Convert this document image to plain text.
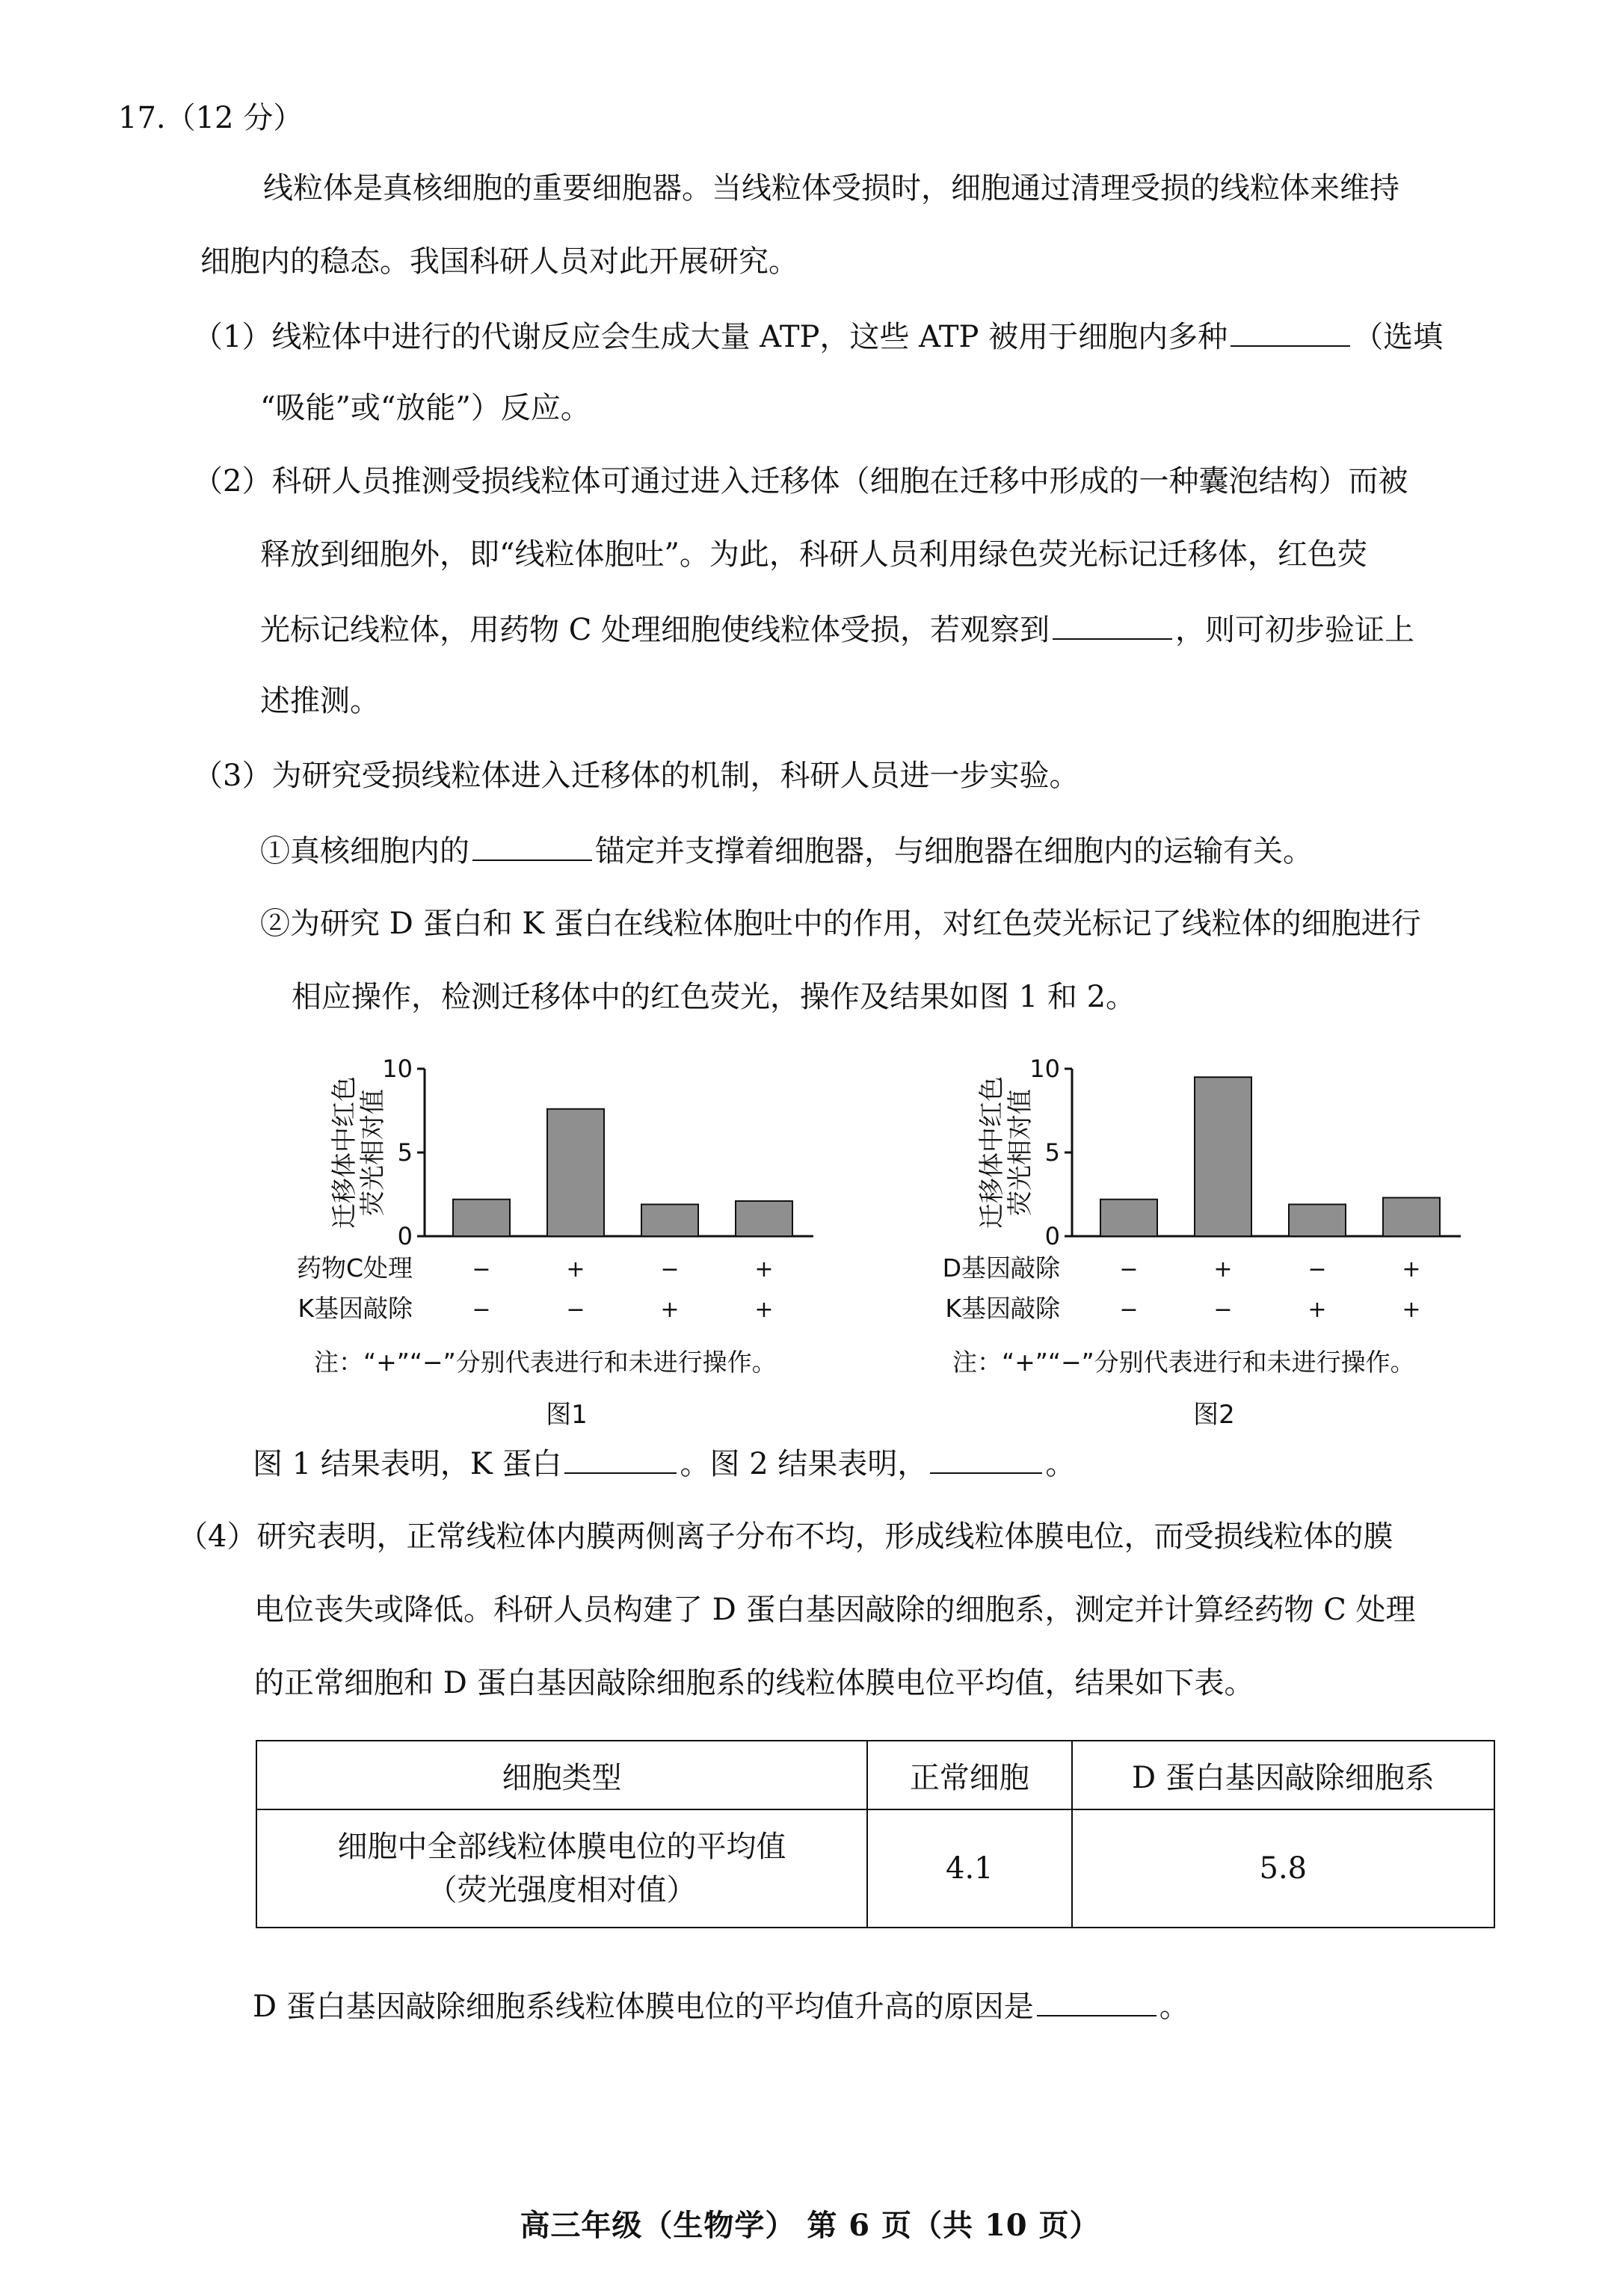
17.（12 分）
线粒体是真核细胞的重要细胞器。当线粒体受损时，细胞通过清理受损的线粒体来维持
细胞内的稳态。我国科研人员对此开展研究。
（1）线粒体中进行的代谢反应会生成大量 ATP，这些 ATP 被用于细胞内多种	（选填
“吸能”或“放能”）反应。
（2）科研人员推测受损线粒体可通过进入迁移体（细胞在迁移中形成的一种囊泡结构）而被
释放到细胞外，即“线粒体胞吐”。为此，科研人员利用绿色荧光标记迁移体，红色荧
光标记线粒体，用药物 C 处理细胞使线粒体受损，若观察到	，则可初步验证上
述推测。
（3）为研究受损线粒体进入迁移体的机制，科研人员进一步实验。
①真核细胞内的	锚定并支撑着细胞器，与细胞器在细胞内的运输有关。
②为研究 D 蛋白和 K 蛋白在线粒体胞吐中的作用，对红色荧光标记了线粒体的细胞进行
相应操作，检测迁移体中的红色荧光，操作及结果如图 1 和 2。
迁移体中红色
荧光相对值
0
5
10
药物C处理	−	+	−	+
K基因敲除	−	−	+	+
注：“+”“−”分别代表进行和未进行操作。
图1
迁移体中红色
荧光相对值
0
5
10
D基因敲除	−	+	−	+
K基因敲除	−	−	+	+
注：“+”“−”分别代表进行和未进行操作。
图2
图 1 结果表明，K 蛋白	。图 2 结果表明，	。
（4）研究表明，正常线粒体内膜两侧离子分布不均，形成线粒体膜电位，而受损线粒体的膜
电位丧失或降低。科研人员构建了 D 蛋白基因敲除的细胞系，测定并计算经药物 C 处理
的正常细胞和 D 蛋白基因敲除细胞系的线粒体膜电位平均值，结果如下表。
细胞类型	正常细胞	D 蛋白基因敲除细胞系

细胞中全部线粒体膜电位的平均值
（荧光强度相对值）	4.1	5.8
D 蛋白基因敲除细胞系线粒体膜电位的平均值升高的原因是	。
高三年级（生物学） 第 6 页（共 10 页）
